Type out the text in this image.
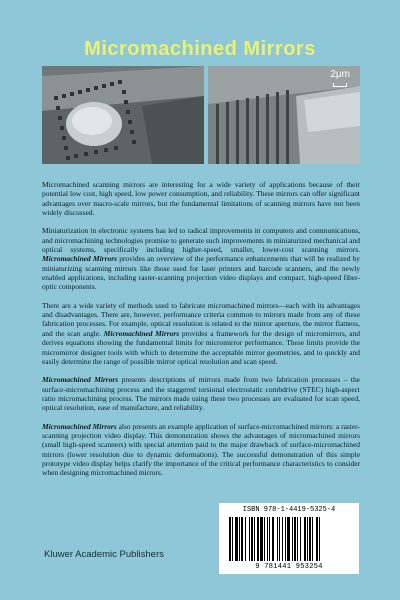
Micromachined Mirrors
2μm

Micromachined scanning mirrors are interesting for a wide variety of applications because of their potential low cost, high speed, low power consumption, and reliability. These mirrors can offer significant advantages over macro-scale mirrors, but the fundamental limitations of scanning mirrors have not been widely discussed.

Miniaturization in electronic systems has led to radical improvements in computers and communications, and micromachining technologies promise to generate such improvements in miniaturized mechanical and optical systems, specifically including higher-speed, smaller, lower-cost scanning mirrors. Micromachined Mirrors provides an overview of the performance enhancements that will be realized by miniaturizing scanning mirrors like those used for laser printers and barcode scanners, and the newly enabled applications, including raster-scanning projection video displays and compact, high-speed fiber-optic components.

There are a wide variety of methods used to fabricate micromachined mirrors—each with its advantages and disadvantages. There are, however, performance criteria common to mirrors made from any of these fabrication processes. For example, optical resolution is related to the mirror aperture, the mirror flatness, and the scan angle. Micromachined Mirrors provides a framework for the design of micromirrors, and derives equations showing the fundamental limits for micromirror performance. These limits provide the micromirror designer tools with which to determine the acceptable mirror geometries, and to quickly and easily determine the range of possible mirror optical resolution and scan speed.

Micromachined Mirrors presents descriptions of mirrors made from two fabrication processes – the surface-micromachining process and the staggered torsional electrostatic combdrive (STEC) high-aspect ratio micromachining process. The mirrors made using these two processes are evaluated for scan speed, optical resolution, ease of manufacture, and reliability.

Micromachined Mirrors also presents an example application of surface-micromachined mirrors: a raster-scanning projection video display. This demonstration shows the advantages of micromachined mirrors (small high-speed scanners) with special attention paid to the major drawback of surface-micromachined mirrors (lower resolution due to dynamic deformations). The successful demonstration of this simple prototype video display helps clarify the importance of the critical performance characteristics to consider when designing micromachined mirrors.

ISBN 978-1-4419-5325-4
9 781441 953254
Kluwer Academic Publishers
